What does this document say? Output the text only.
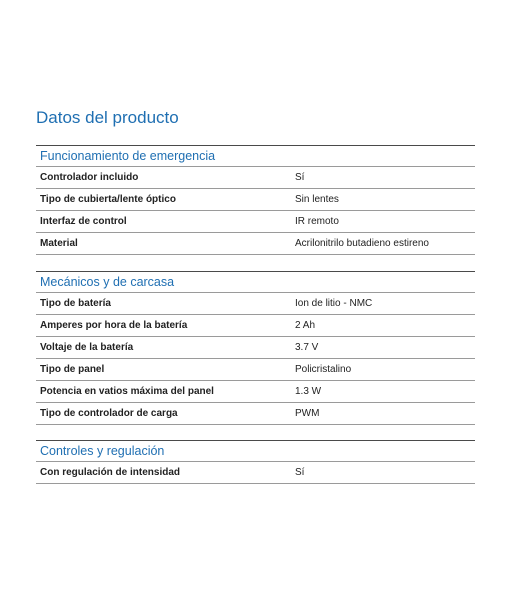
Datos del producto
Funcionamiento de emergencia
Controlador incluido	Sí
Tipo de cubierta/lente óptico	Sin lentes
Interfaz de control	IR remoto
Material	Acrilonitrilo butadieno estireno
Mecánicos y de carcasa
Tipo de batería	Ion de litio - NMC
Amperes por hora de la batería	2 Ah
Voltaje de la batería	3.7 V
Tipo de panel	Policristalino
Potencia en vatios máxima del panel	1.3 W
Tipo de controlador de carga	PWM
Controles y regulación
Con regulación de intensidad	Sí
